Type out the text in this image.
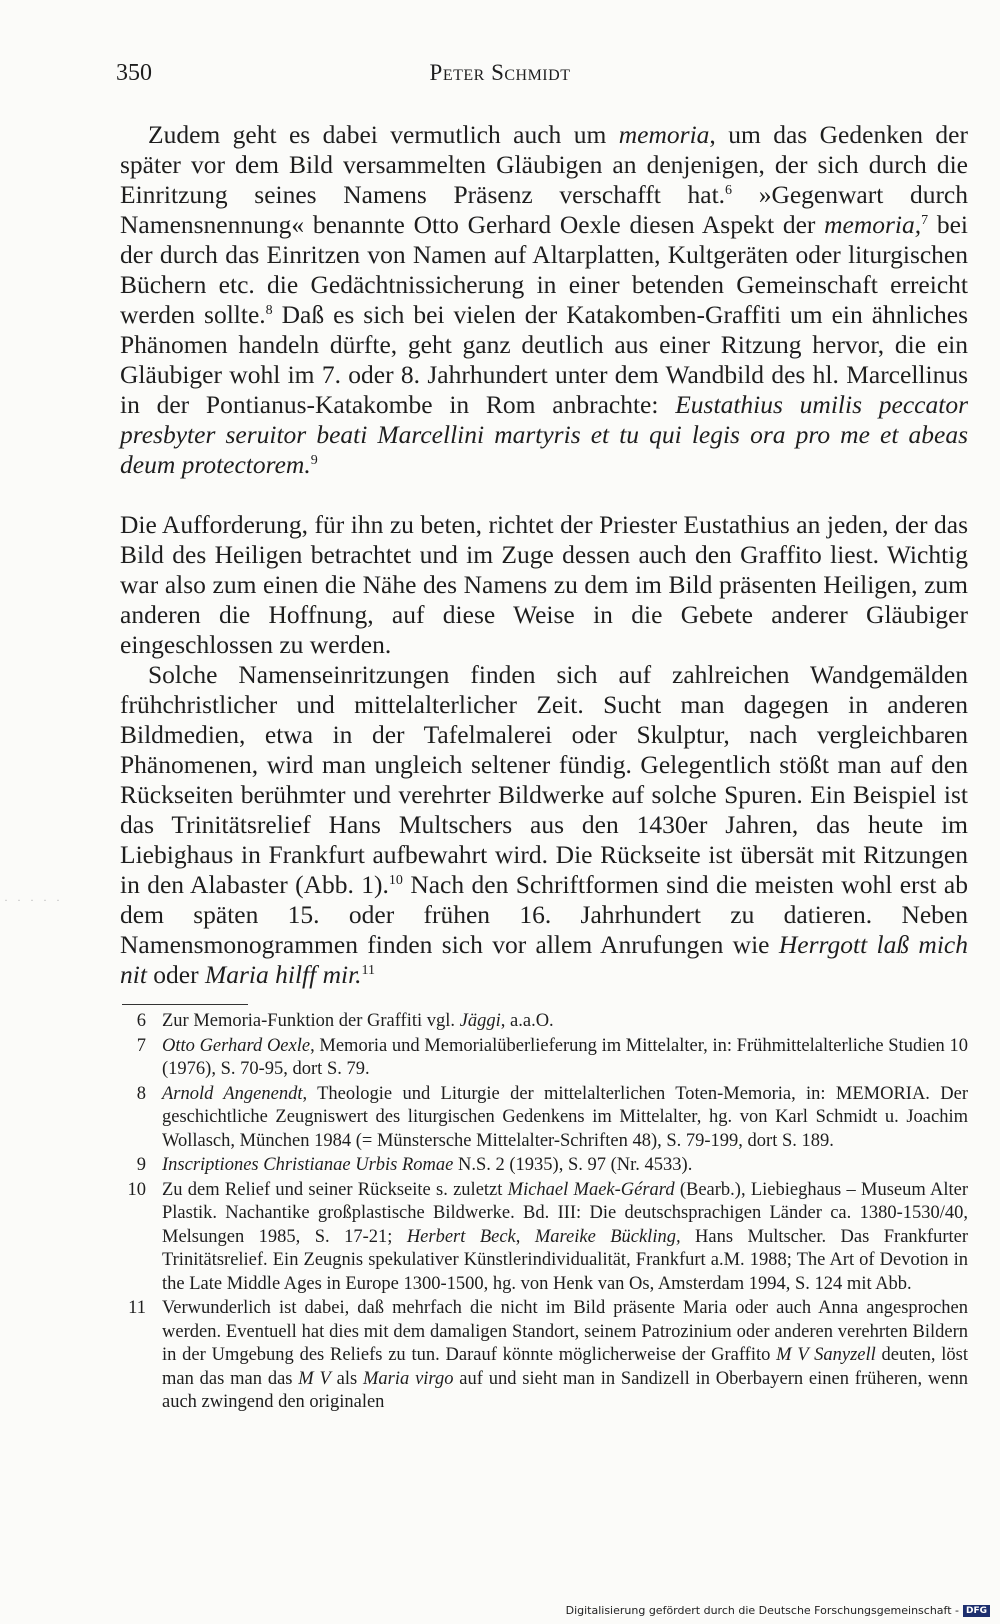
350	Peter Schmidt
· · · · ·

Zudem geht es dabei vermutlich auch um memoria, um das Gedenken der später vor dem Bild versammelten Gläubigen an denjenigen, der sich durch die Einritzung seines Namens Präsenz verschafft hat.$^6$ »Gegenwart durch Namensnennung« benannte Otto Gerhard Oexle diesen Aspekt der memoria,$^7$ bei der durch das Einritzen von Namen auf Altarplatten, Kultgeräten oder liturgischen Büchern etc. die Gedächtnissicherung in einer betenden Gemeinschaft erreicht werden sollte.$^8$ Daß es sich bei vielen der Katakomben-Graffiti um ein ähnliches Phänomen handeln dürfte, geht ganz deutlich aus einer Ritzung hervor, die ein Gläubiger wohl im 7. oder 8. Jahrhundert unter dem Wandbild des hl. Marcellinus in der Pontianus-Katakombe in Rom anbrachte: Eustathius umilis peccator presbyter seruitor beati Marcellini martyris et tu qui legis ora pro me et abeas deum protectorem.$^9$

Die Aufforderung, für ihn zu beten, richtet der Priester Eustathius an jeden, der das Bild des Heiligen betrachtet und im Zuge dessen auch den Graffito liest. Wichtig war also zum einen die Nähe des Namens zu dem im Bild präsenten Heiligen, zum anderen die Hoffnung, auf diese Weise in die Gebete anderer Gläubiger eingeschlossen zu werden.

Solche Namenseinritzungen finden sich auf zahlreichen Wandgemälden frühchristlicher und mittelalterlicher Zeit. Sucht man dagegen in anderen Bildmedien, etwa in der Tafelmalerei oder Skulptur, nach vergleichbaren Phänomenen, wird man ungleich seltener fündig. Gelegentlich stößt man auf den Rückseiten berühmter und verehrter Bildwerke auf solche Spuren. Ein Beispiel ist das Trinitätsrelief Hans Multschers aus den 1430er Jahren, das heute im Liebighaus in Frankfurt aufbewahrt wird. Die Rückseite ist übersät mit Ritzungen in den Alabaster (Abb. 1).$^{10}$ Nach den Schriftformen sind die meisten wohl erst ab dem späten 15. oder frühen 16. Jahrhundert zu datieren. Neben Namensmonogrammen finden sich vor allem Anrufungen wie Herrgott laß mich nit oder Maria hilff mir.$^{11}$

6 Zur Memoria-Funktion der Graffiti vgl. Jäggi, a.a.O.
7 Otto Gerhard Oexle, Memoria und Memorialüberlieferung im Mittelalter, in: Frühmittelalterliche Studien 10 (1976), S. 70-95, dort S. 79.
8 Arnold Angenendt, Theologie und Liturgie der mittelalterlichen Toten-Memoria, in: MEMORIA. Der geschichtliche Zeugniswert des liturgischen Gedenkens im Mittelalter, hg. von Karl Schmidt u. Joachim Wollasch, München 1984 (= Münstersche Mittelalter-Schriften 48), S. 79-199, dort S. 189.
9 Inscriptiones Christianae Urbis Romae N.S. 2 (1935), S. 97 (Nr. 4533).
10 Zu dem Relief und seiner Rückseite s. zuletzt Michael Maek-Gérard (Bearb.), Liebieghaus – Museum Alter Plastik. Nachantike großplastische Bildwerke. Bd. III: Die deutschsprachigen Länder ca. 1380-1530/40, Melsungen 1985, S. 17-21; Herbert Beck, Mareike Bückling, Hans Multscher. Das Frankfurter Trinitätsrelief. Ein Zeugnis spekulativer Künstlerindividualität, Frankfurt a.M. 1988; The Art of Devotion in the Late Middle Ages in Europe 1300-1500, hg. von Henk van Os, Amsterdam 1994, S. 124 mit Abb.
11 Verwunderlich ist dabei, daß mehrfach die nicht im Bild präsente Maria oder auch Anna angesprochen werden. Eventuell hat dies mit dem damaligen Standort, seinem Patrozinium oder anderen verehrten Bildern in der Umgebung des Reliefs zu tun. Darauf könnte möglicherweise der Graffito M V Sanyzell deuten, löst man das man das M V als Maria virgo auf und sieht man in Sandizell in Oberbayern einen früheren, wenn auch zwingend den originalen
Digitalisierung gefördert durch die Deutsche Forschungsgemeinschaft - DFG
